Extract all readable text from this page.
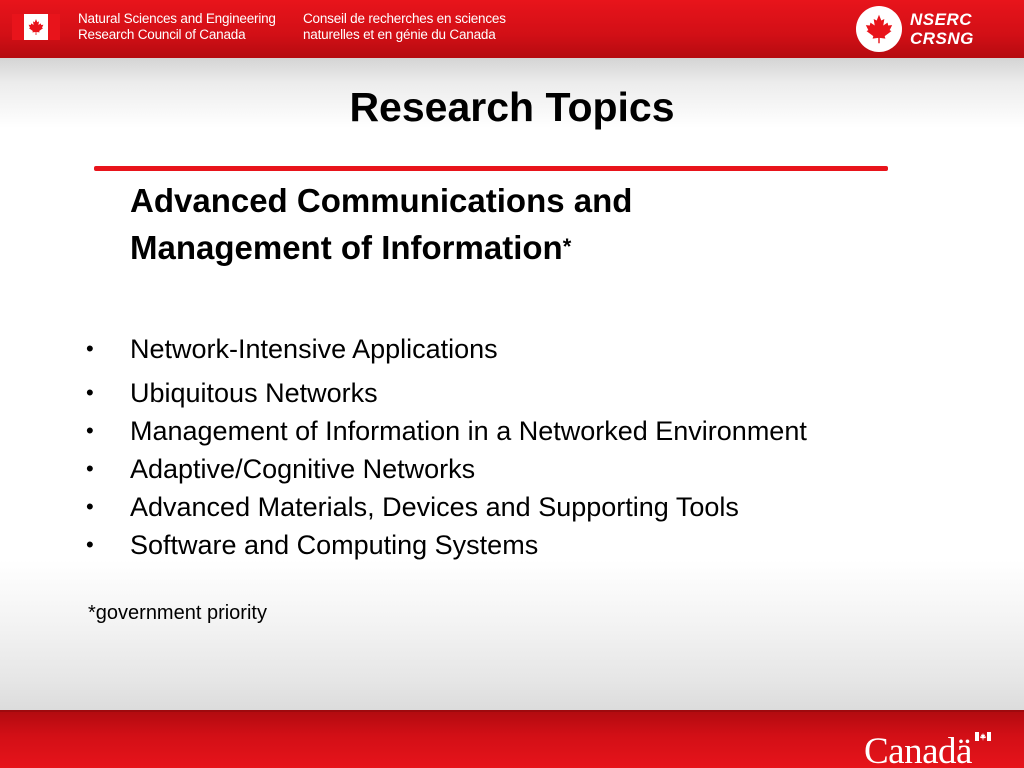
Natural Sciences and Engineering
Research Council of Canada
Conseil de recherches en sciences
naturelles et en génie du Canada
NSERC
CRSNG
Research Topics
Advanced Communications and
Management of Information*
• Network-Intensive Applications
• Ubiquitous Networks
• Management of Information in a Networked Environment
• Adaptive/Cognitive Networks
• Advanced Materials, Devices and Supporting Tools
• Software and Computing Systems
*government priority
Canadä
